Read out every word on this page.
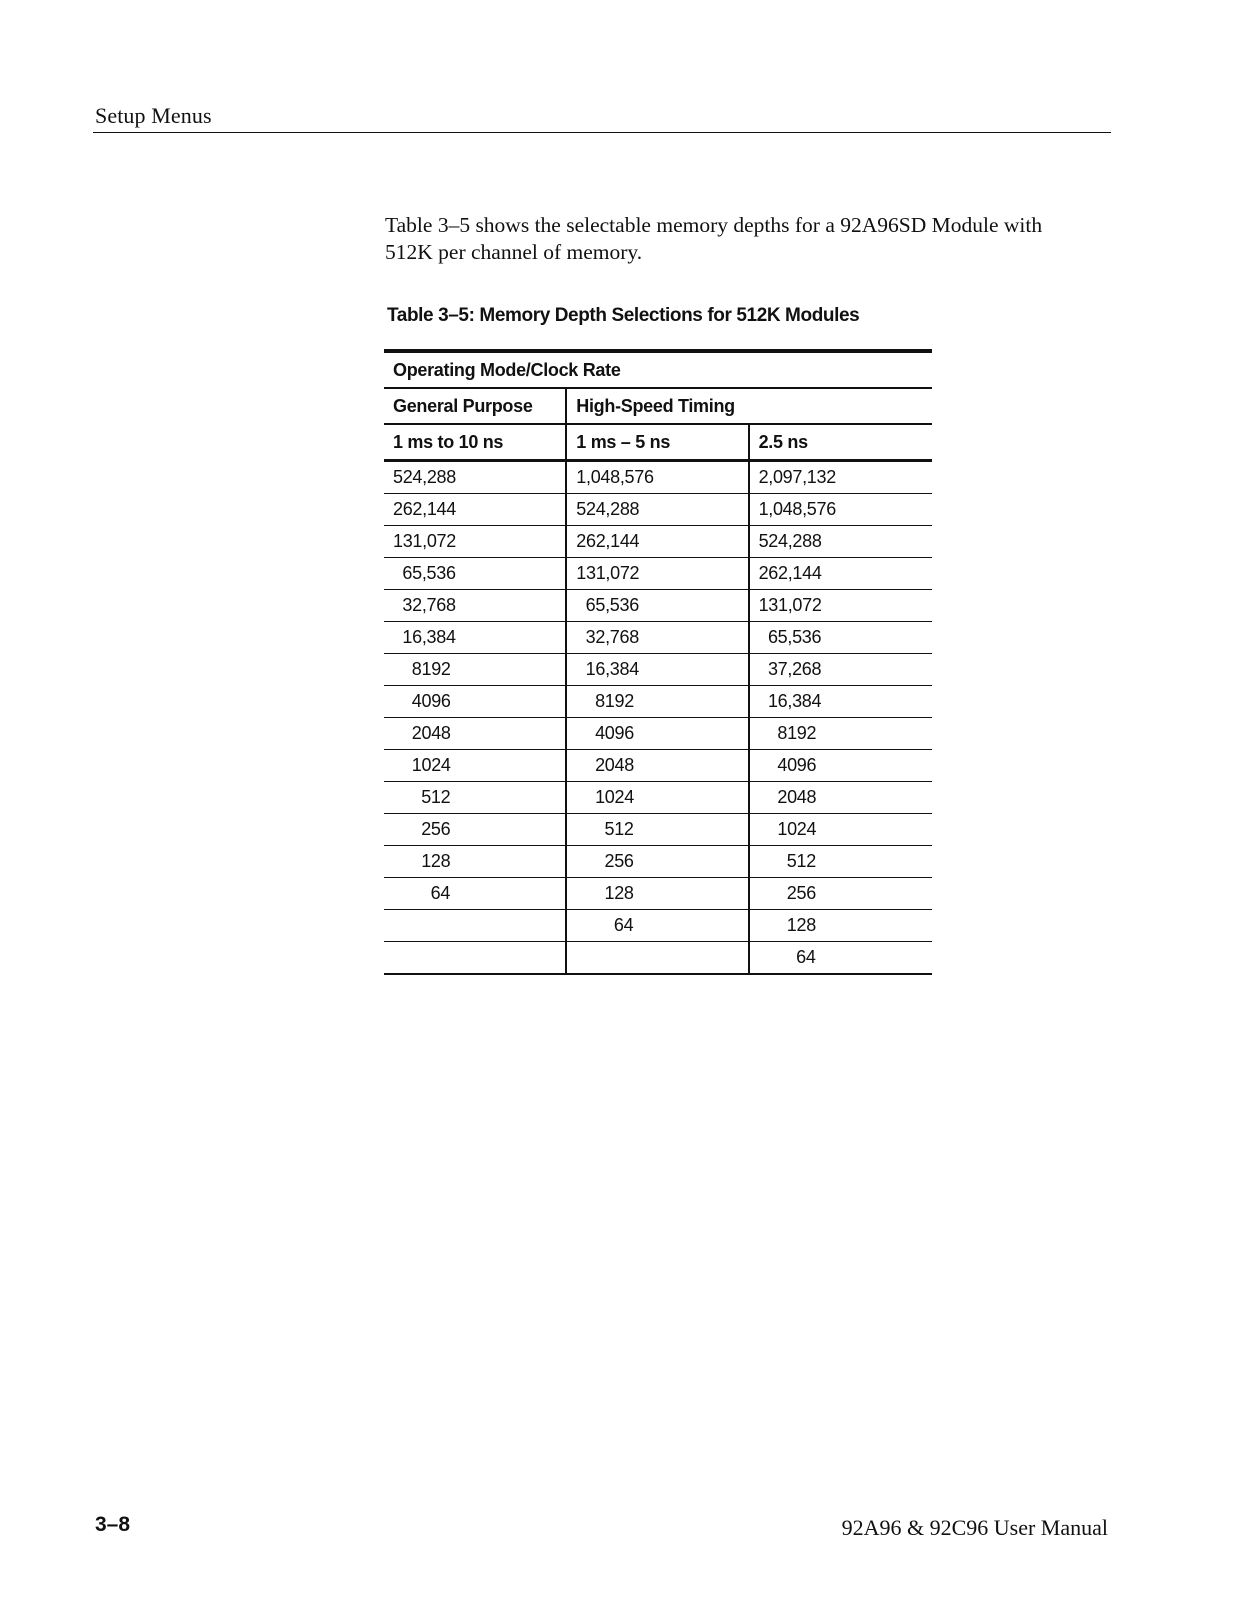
Setup Menus
Table 3–5 shows the selectable memory depths for a 92A96SD Module with
512K per channel of memory.
Table 3–5: Memory Depth Selections for 512K Modules
Operating Mode/Clock Rate		
General Purpose	High-Speed Timing	
1 ms to 10 ns	1 ms – 5 ns	2.5 ns
524,288	1,048,576	2,097,132
262,144	524,288	1,048,576
131,072	262,144	524,288
65,536	131,072	262,144
32,768	65,536	131,072
16,384	32,768	65,536
8192	16,384	37,268
4096	8192	16,384
2048	4096	8192
1024	2048	4096
512	1024	2048
256	512	1024
128	256	512
64	128	256
	64	128
		64
3–8	92A96 & 92C96 User Manual
